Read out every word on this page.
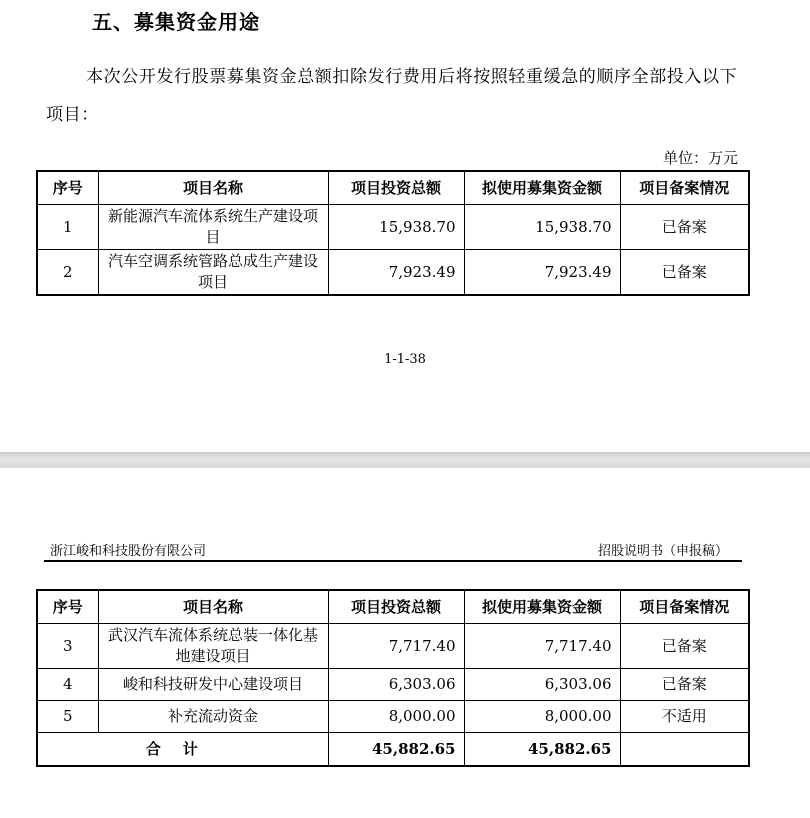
五、募集资金用途
本次公开发行股票募集资金总额扣除发行费用后将按照轻重缓急的顺序全部投入以下项目：
单位：万元
序号	项目名称	项目投资总额	拟使用募集资金额	项目备案情况
1	新能源汽车流体系统生产建设项目	15,938.70	15,938.70	已备案
2	汽车空调系统管路总成生产建设项目	7,923.49	7,923.49	已备案
1-1-38
浙江峻和科技股份有限公司	招股说明书（申报稿）
序号	项目名称	项目投资总额	拟使用募集资金额	项目备案情况
3	武汉汽车流体系统总装一体化基地建设项目	7,717.40	7,717.40	已备案
4	峻和科技研发中心建设项目	6,303.06	6,303.06	已备案
5	补充流动资金	8,000.00	8,000.00	不适用
合计		45,882.65	45,882.65	
